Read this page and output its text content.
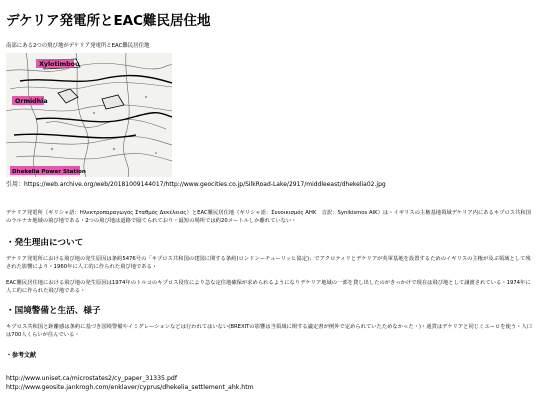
デケリア発電所とEAC難民居住地
南部にある2つの飛び地がデケリア発電所とEAC難民居住地
Xylotimbou
Ormidhia
Dhekelia Power Station
引用：https://web.archive.org/web/20181009144017/http://www.geocities.co.jp/SilkRoad-Lake/2917/middleeast/dhekelia02.jpg
デケリア発電所（ギリシャ語：Ηλεκτροπαραγωγός Σταθμός Δεκέλειας）とEAC難民居住地（ギリシャ語：Συνοικισμός ΑΗΚ　音訳：Synikismos AIK）は・イギリスの主権基地領域デケリア内にあるキプロス共和国のラルナカ地域の飛び地である・2つの飛び地は道路で隔てられており・最短の場所では約20メートルしか離れていない・
・発生理由について
デケリア発電所における飛び地の発生原因は条約5476号の「キプロス共和国の建国に関する条約(ロンドンーチューリッヒ協定)」でアクロティリとデケリアが英軍基地を設置するためのイギリスの主権が及ぶ領域として残された影響により・1960年に人工的に作られた飛び地である・
EAC難民居住地における飛び地の発生原因は1974年のトルコのキプロス侵攻により急な定住地確保が求められるようになりデケリア地域の一部を貸し出したのがきっかけで現在は飛び地として譲渡されている・1974年に人工的に作られた飛び地である・
・国境警備と生活、様子
キプロス共和国と距離感は条約に基づき国境警備やイミグレーションなどは行われてはいない(BREXITの影響は当領域に関する議定書が例外で定められていたためなかった・)・通貨はデケリアと同じくユーロを使う・人口は700人くらいが住んでいる・
・参考文献
http://www.uniset.ca/microstates2/cy_paper_31335.pdf
http://www.geosite.jankrogh.com/enklaver/cyprus/dhekelia_settlement_ahk.htm
